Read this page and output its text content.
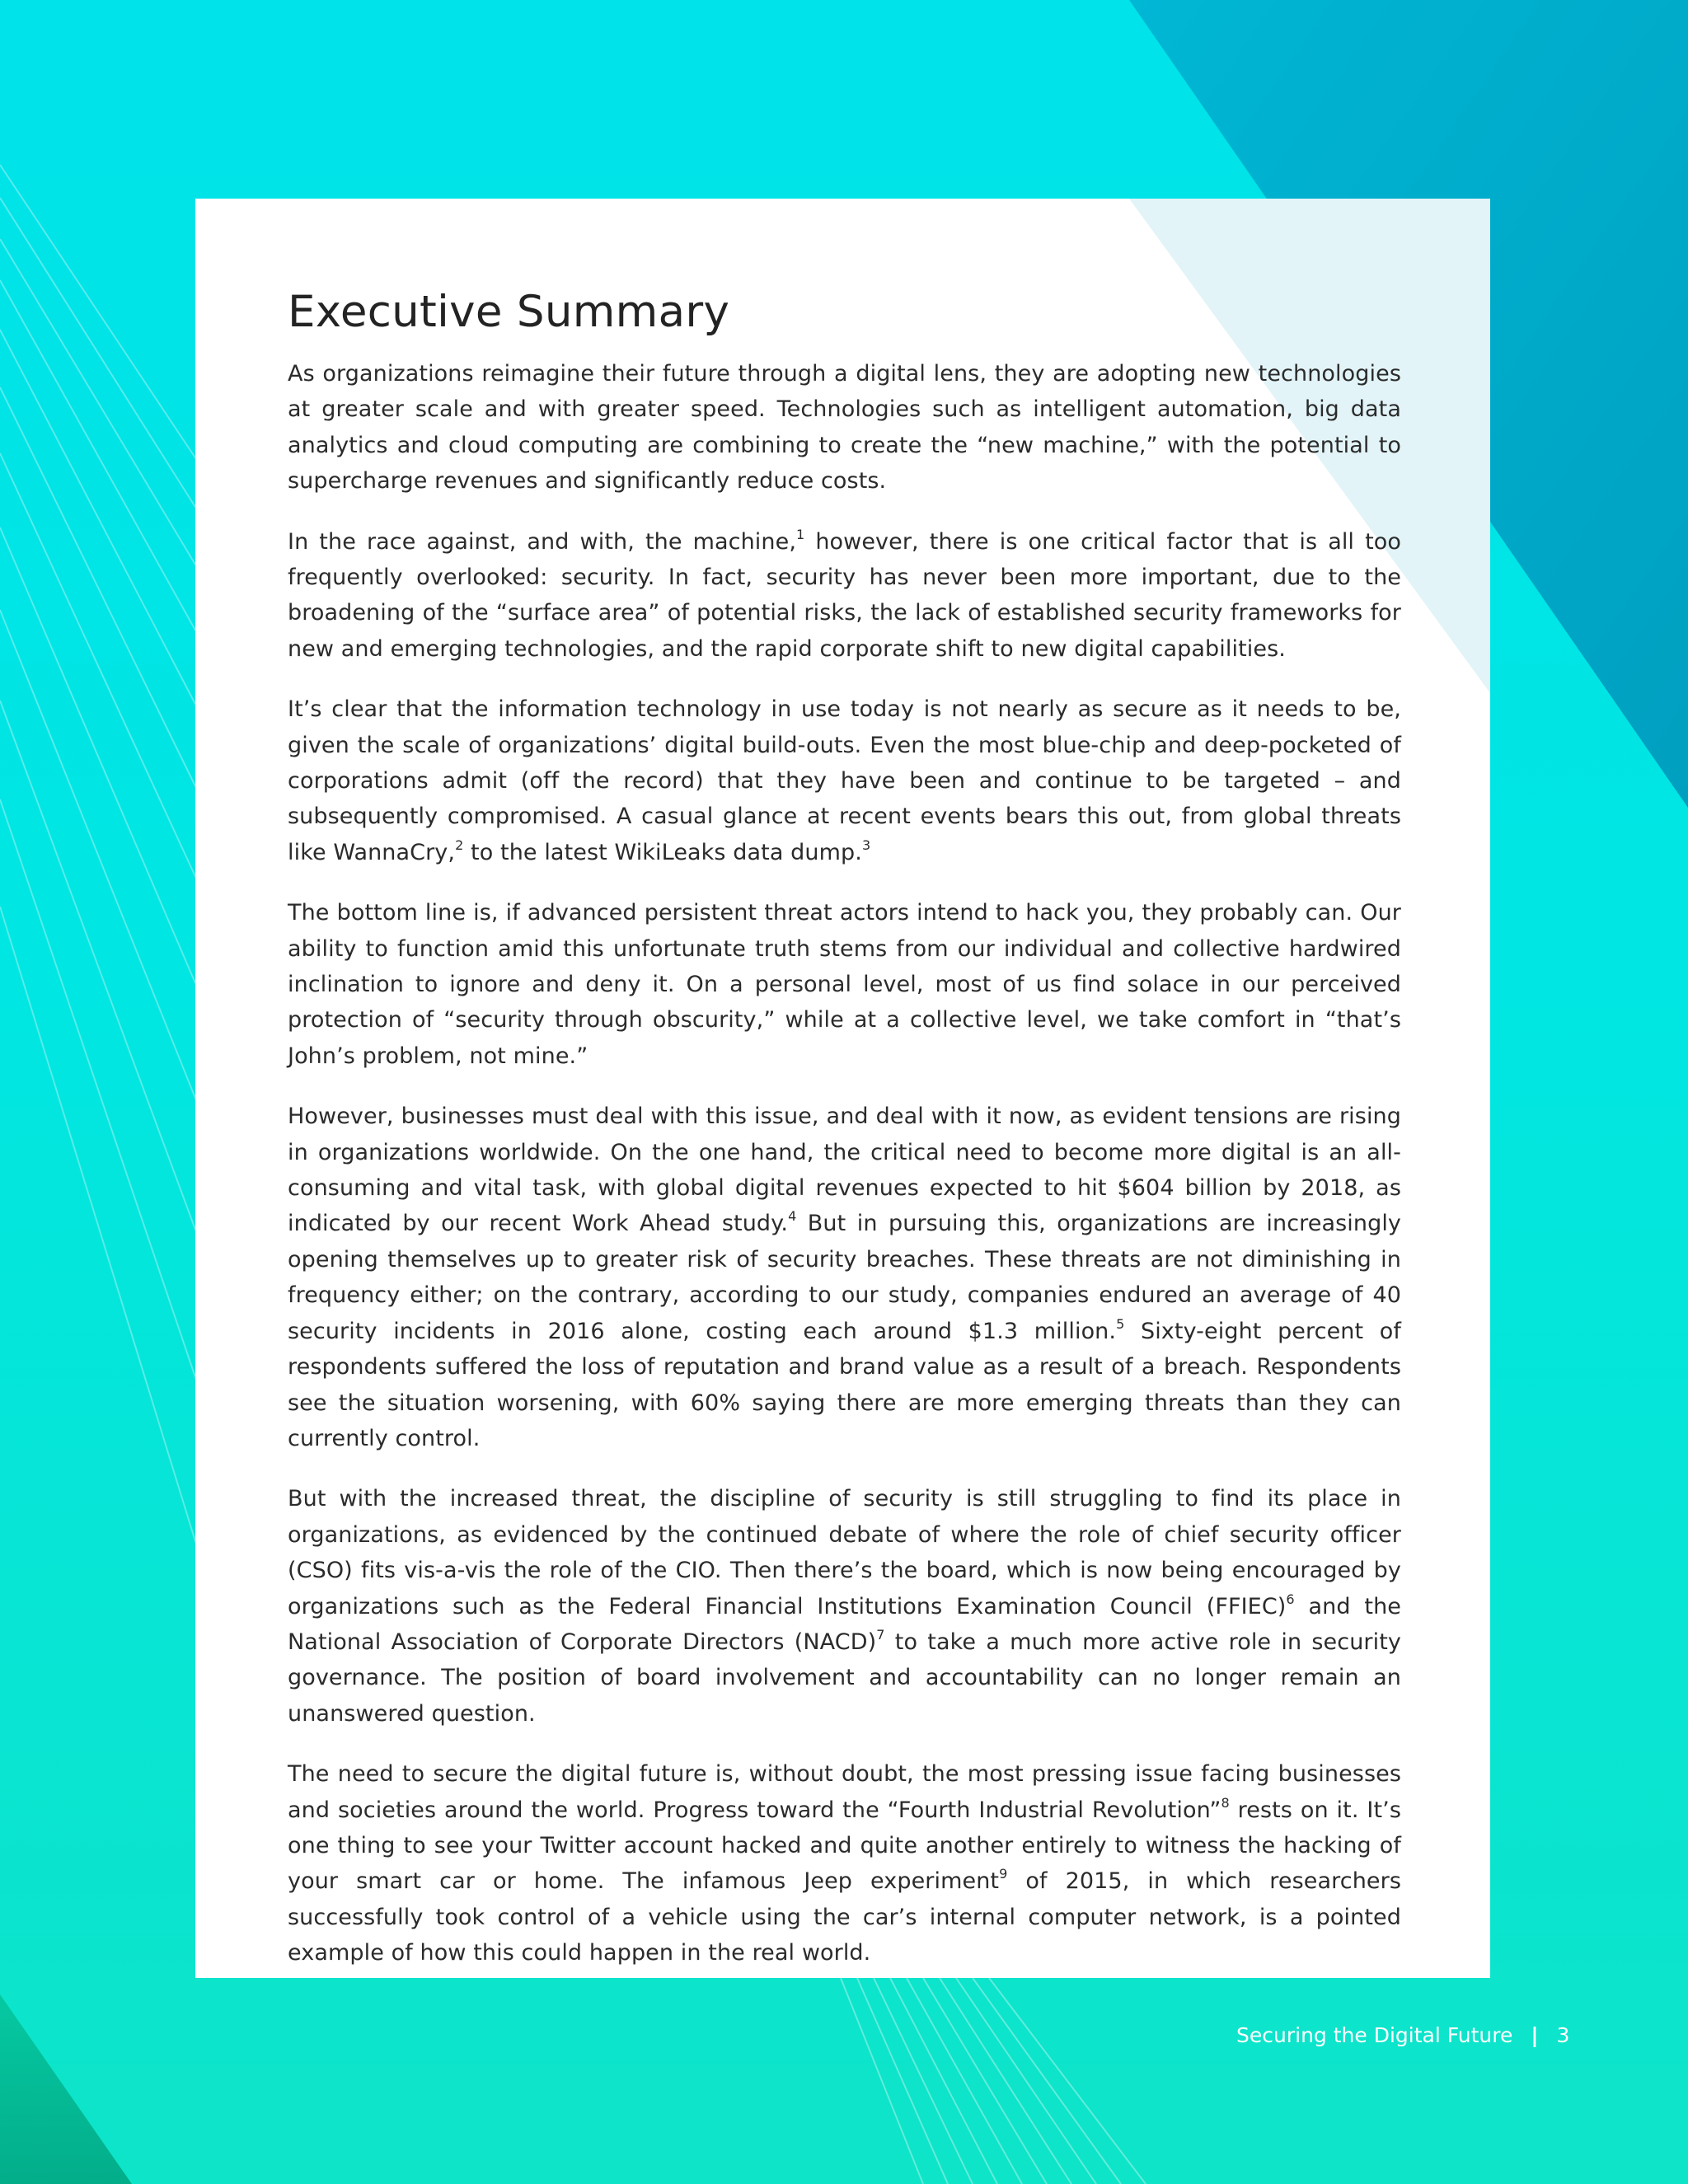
Executive Summary

As organizations reimagine their future through a digital lens, they are adopting new technologies at greater scale and with greater speed. Technologies such as intelligent automation, big data analytics and cloud computing are combining to create the “new machine,” with the potential to supercharge revenues and significantly reduce costs.

In the race against, and with, the machine,$^1$ however, there is one critical factor that is all too frequently overlooked: security. In fact, security has never been more important, due to the broadening of the “surface area” of potential risks, the lack of established security frameworks for new and emerging technologies, and the rapid corporate shift to new digital capabilities.

It’s clear that the information technology in use today is not nearly as secure as it needs to be, given the scale of organizations’ digital build-outs. Even the most blue-chip and deep-pocketed of corporations admit (off the record) that they have been and continue to be targeted – and subsequently compromised. A casual glance at recent events bears this out, from global threats like WannaCry,$^2$ to the latest WikiLeaks data dump.$^3$

The bottom line is, if advanced persistent threat actors intend to hack you, they probably can. Our ability to function amid this unfortunate truth stems from our individual and collective hardwired inclination to ignore and deny it. On a personal level, most of us find solace in our perceived protection of “security through obscurity,” while at a collective level, we take comfort in “that’s John’s problem, not mine.”

However, businesses must deal with this issue, and deal with it now, as evident tensions are rising in organizations worldwide. On the one hand, the critical need to become more digital is an all-consuming and vital task, with global digital revenues expected to hit $604 billion by 2018, as indicated by our recent Work Ahead study.$^4$ But in pursuing this, organizations are increasingly opening themselves up to greater risk of security breaches. These threats are not diminishing in frequency either; on the contrary, according to our study, companies endured an average of 40 security incidents in 2016 alone, costing each around $1.3 million.$^5$ Sixty-eight percent of respondents suffered the loss of reputation and brand value as a result of a breach. Respondents see the situation worsening, with 60% saying there are more emerging threats than they can currently control.

But with the increased threat, the discipline of security is still struggling to find its place in organizations, as evidenced by the continued debate of where the role of chief security officer (CSO) fits vis-a-vis the role of the CIO. Then there’s the board, which is now being encouraged by organizations such as the Federal Financial Institutions Examination Council (FFIEC)$^6$ and the National Association of Corporate Directors (NACD)$^7$ to take a much more active role in security governance. The position of board involvement and accountability can no longer remain an unanswered question.

The need to secure the digital future is, without doubt, the most pressing issue facing businesses and societies around the world. Progress toward the “Fourth Industrial Revolution”$^8$ rests on it. It’s one thing to see your Twitter account hacked and quite another entirely to witness the hacking of your smart car or home. The infamous Jeep experiment$^9$ of 2015, in which researchers successfully took control of a vehicle using the car’s internal computer network, is a pointed example of how this could happen in the real world.

Securing the Digital Future | 3
